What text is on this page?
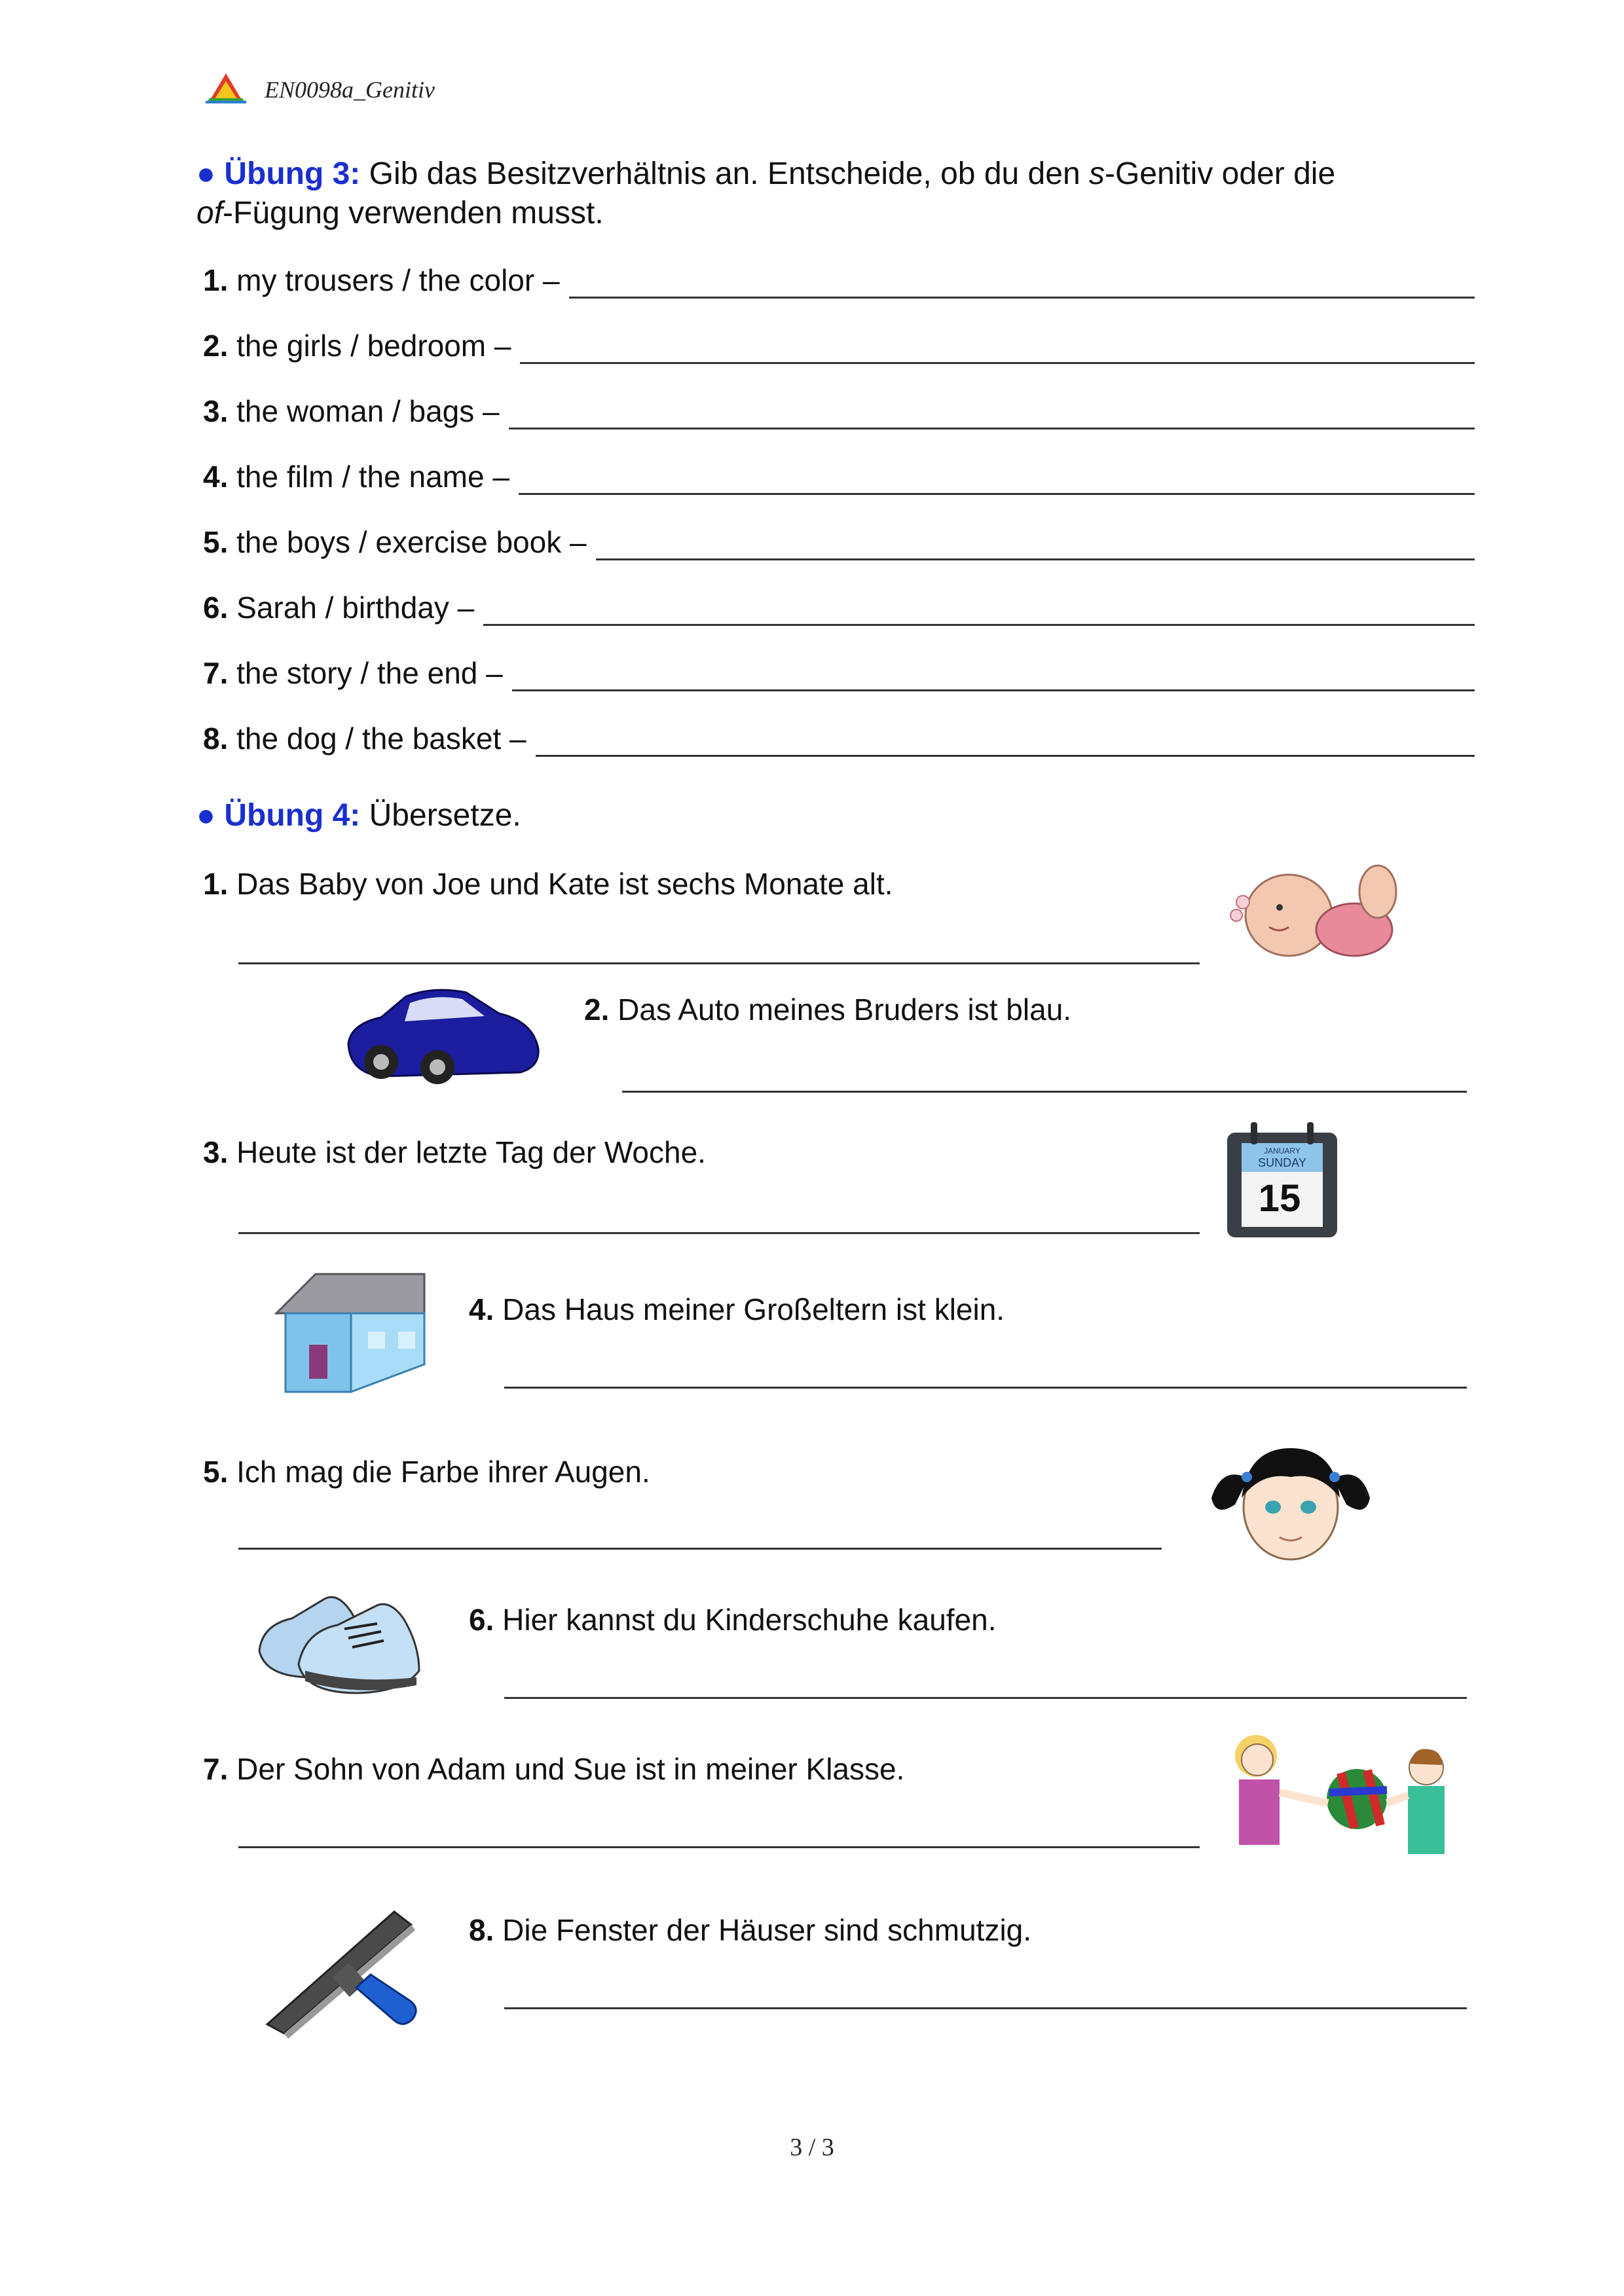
EN0098a_Genitiv
● Übung 3: Gib das Besitzverhältnis an. Entscheide, ob du den s-Genitiv oder die
of-Fügung verwenden musst.
1. my trousers / the color –
2. the girls / bedroom –
3. the woman / bags –
4. the film / the name –
5. the boys / exercise book –
6. Sarah / birthday –
7. the story / the end –
8. the dog / the basket –
● Übung 4: Übersetze.
1. Das Baby von Joe und Kate ist sechs Monate alt.
2. Das Auto meines Bruders ist blau.
3. Heute ist der letzte Tag der Woche.	JANUARY
SUNDAY
15
4. Das Haus meiner Großeltern ist klein.
5. Ich mag die Farbe ihrer Augen.
6. Hier kannst du Kinderschuhe kaufen.
7. Der Sohn von Adam und Sue ist in meiner Klasse.
8. Die Fenster der Häuser sind schmutzig.
3 / 3
